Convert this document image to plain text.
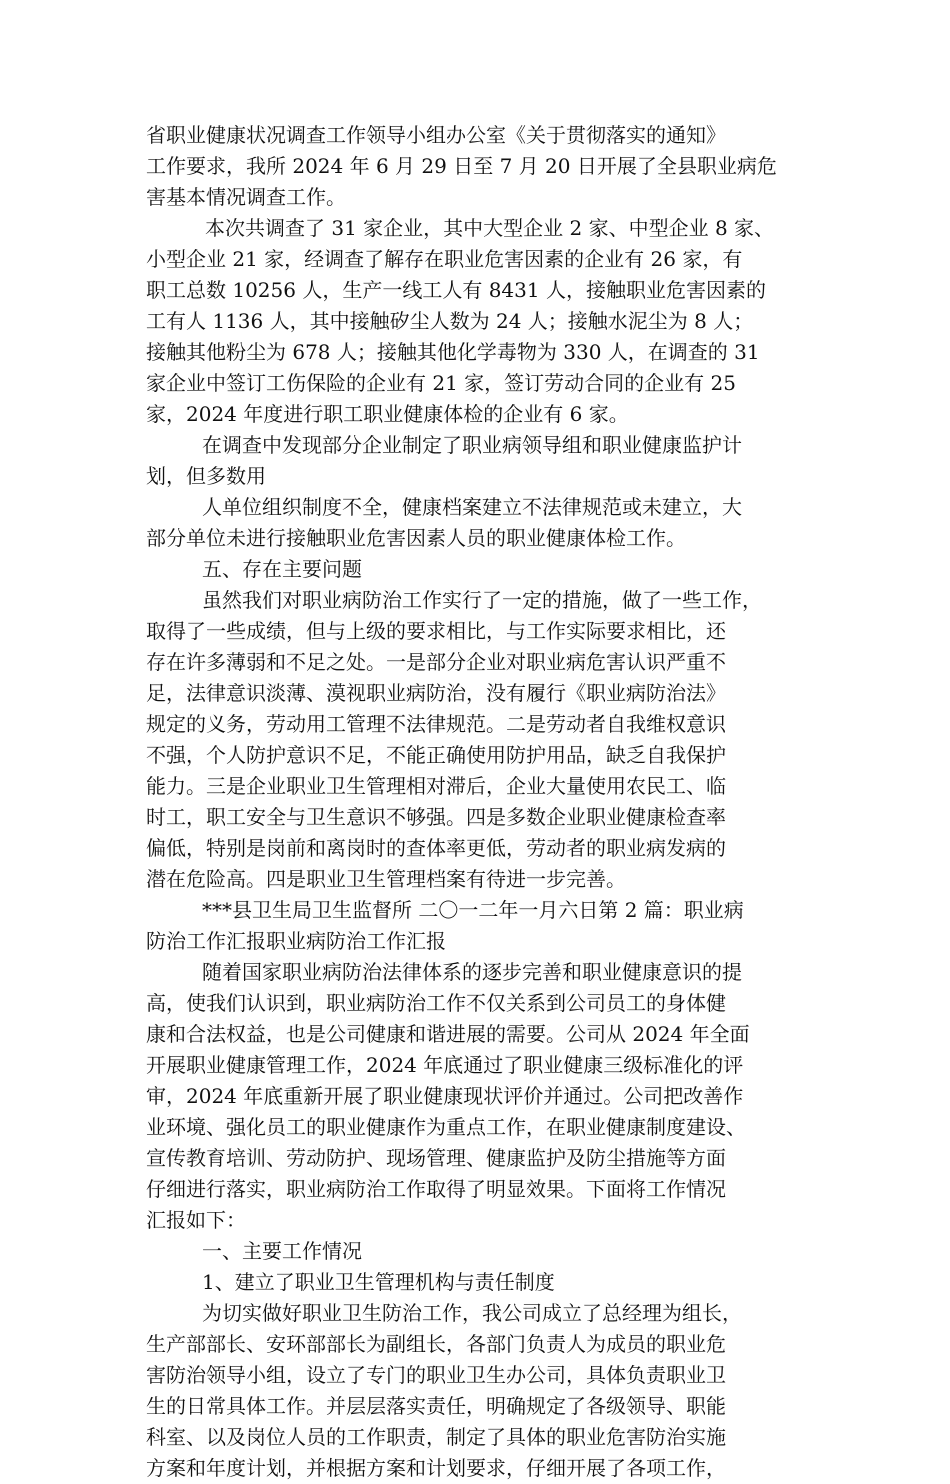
省职业健康状况调查工作领导小组办公室《关于贯彻落实的通知》
工作要求，我所 2024 年 6 月 29 日至 7 月 20 日开展了全县职业病危
害基本情况调查工作。
本次共调查了 31 家企业，其中大型企业 2 家、中型企业 8 家、
小型企业 21 家，经调查了解存在职业危害因素的企业有 26 家，有
职工总数 10256 人，生产一线工人有 8431 人，接触职业危害因素的
工有人 1136 人，其中接触矽尘人数为 24 人；接触水泥尘为 8 人；
接触其他粉尘为 678 人；接触其他化学毒物为 330 人，在调查的 31
家企业中签订工伤保险的企业有 21 家，签订劳动合同的企业有 25
家，2024 年度进行职工职业健康体检的企业有 6 家。
在调查中发现部分企业制定了职业病领导组和职业健康监护计
划，但多数用
人单位组织制度不全，健康档案建立不法律规范或未建立，大
部分单位未进行接触职业危害因素人员的职业健康体检工作。
五、存在主要问题
虽然我们对职业病防治工作实行了一定的措施，做了一些工作，
取得了一些成绩，但与上级的要求相比，与工作实际要求相比，还
存在许多薄弱和不足之处。一是部分企业对职业病危害认识严重不
足，法律意识淡薄、漠视职业病防治，没有履行《职业病防治法》
规定的义务，劳动用工管理不法律规范。二是劳动者自我维权意识
不强，个人防护意识不足，不能正确使用防护用品，缺乏自我保护
能力。三是企业职业卫生管理相对滞后，企业大量使用农民工、临
时工，职工安全与卫生意识不够强。四是多数企业职业健康检查率
偏低，特别是岗前和离岗时的查体率更低，劳动者的职业病发病的
潜在危险高。四是职业卫生管理档案有待进一步完善。
***县卫生局卫生监督所 二〇一二年一月六日第 2 篇：职业病
防治工作汇报职业病防治工作汇报
随着国家职业病防治法律体系的逐步完善和职业健康意识的提
高，使我们认识到，职业病防治工作不仅关系到公司员工的身体健
康和合法权益，也是公司健康和谐进展的需要。公司从 2024 年全面
开展职业健康管理工作，2024 年底通过了职业健康三级标准化的评
审，2024 年底重新开展了职业健康现状评价并通过。公司把改善作
业环境、强化员工的职业健康作为重点工作，在职业健康制度建设、
宣传教育培训、劳动防护、现场管理、健康监护及防尘措施等方面
仔细进行落实，职业病防治工作取得了明显效果。下面将工作情况
汇报如下：
一、主要工作情况
1、建立了职业卫生管理机构与责任制度
为切实做好职业卫生防治工作，我公司成立了总经理为组长，
生产部部长、安环部部长为副组长，各部门负责人为成员的职业危
害防治领导小组，设立了专门的职业卫生办公司，具体负责职业卫
生的日常具体工作。并层层落实责任，明确规定了各级领导、职能
科室、以及岗位人员的工作职责，制定了具体的职业危害防治实施
方案和年度计划，并根据方案和计划要求，仔细开展了各项工作，
